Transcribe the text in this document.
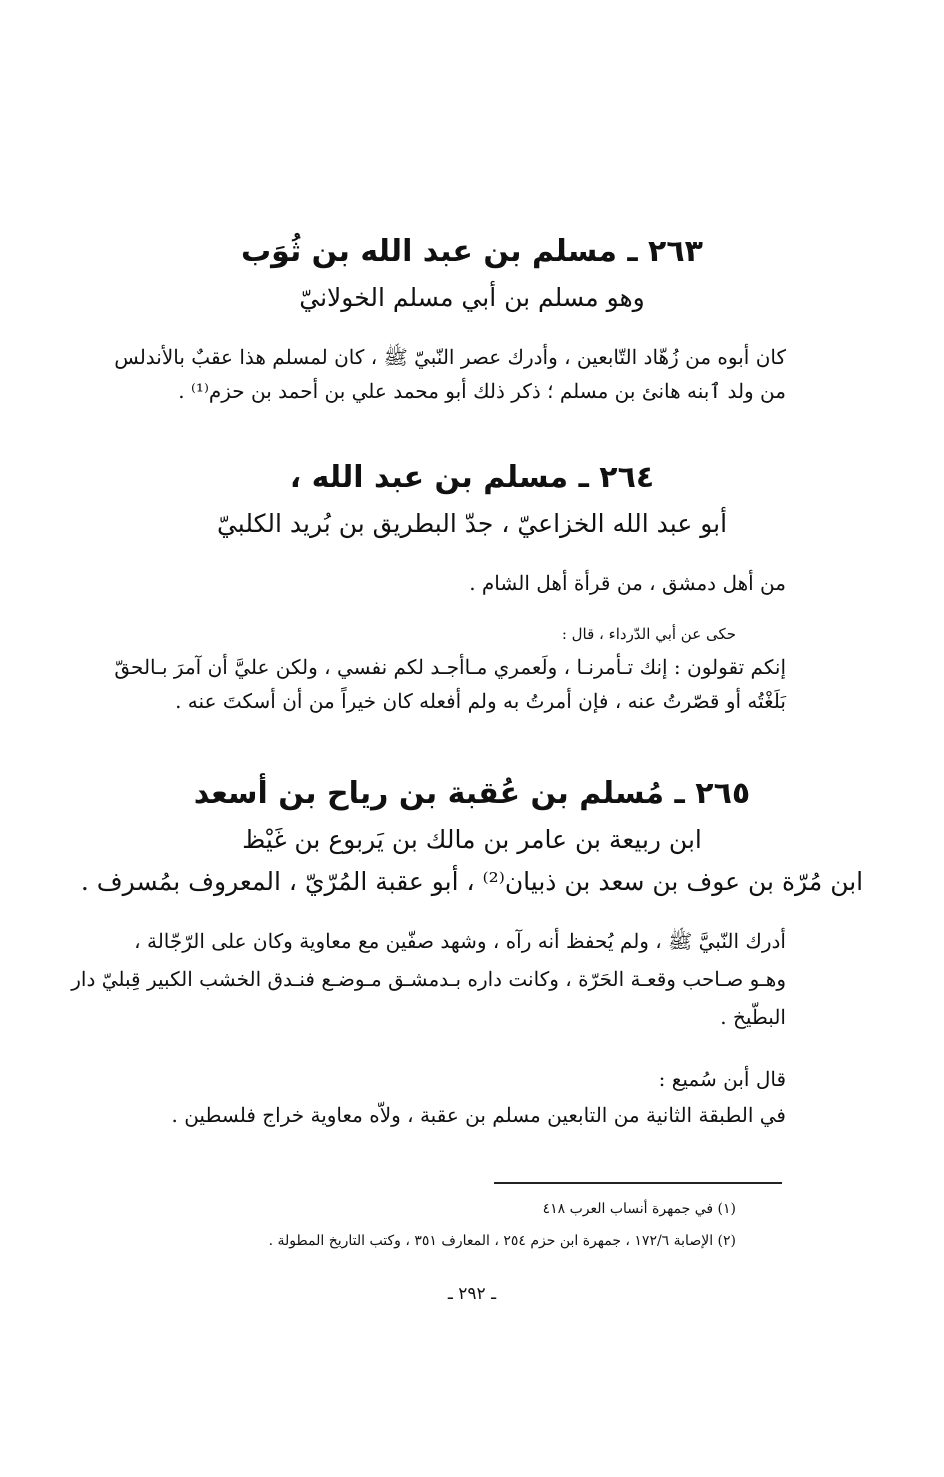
٢٦٣ ـ مسلم بن عبد الله بن ثُوَب
وهو مسلم بن أبي مسلم الخولانيّ
كان أبوه من زُهّاد التّابعين ، وأدرك عصر النّبيّ ﷺ ، كان لمسلم هذا عقبٌ بالأندلس
من ولد ٱبنه هانئ بن مسلم ؛ ذكر ذلك أبو محمد علي بن أحمد بن حزم⁽¹⁾ .
٢٦٤ ـ مسلم بن عبد الله ،
أبو عبد الله الخزاعيّ ، جدّ البطريق بن بُريد الكلبيّ
من أهل دمشق ، من قرأة أهل الشام .
حكى عن أبي الدّرداء ، قال :
إنكم تقولون : إنك تـأمرنـا ، ولَعمري مـاأجـد لكم نفسي ، ولكن عليَّ أن آمرَ بـالحقّ
بَلَغْتُه أو قصّرتُ عنه ، فإن أمرتُ به ولم أفعله كان خيراً من أن أسكتَ عنه .
٢٦٥ ـ مُسلم بن عُقبة بن رياح بن أسعد
ابن ربيعة بن عامر بن مالك بن يَربوع بن غَيْظ
ابن مُرّة بن عوف بن سعد بن ذبيان⁽²⁾ ، أبو عقبة المُرّيّ ، المعروف بمُسرف .
أدرك النّبيَّ ﷺ ، ولم يُحفظ أنه رآه ، وشهد صفّين مع معاوية وكان على الرّجّالة ،
وهـو صـاحب وقعـة الحَرّة ، وكانت داره بـدمشـق مـوضـع فنـدق الخشب الكبير قِبليّ دار
البطّيخ .
قال أبن سُميع :
في الطبقة الثانية من التابعين مسلم بن عقبة ، ولاّه معاوية خراج فلسطين .
(١) في جمهرة أنساب العرب ٤١٨
(٢) الإصابة ١٧٢/٦ ، جمهرة ابن حزم ٢٥٤ ، المعارف ٣٥١ ، وكتب التاريخ المطولة .
ـ ٢٩٢ ـ
